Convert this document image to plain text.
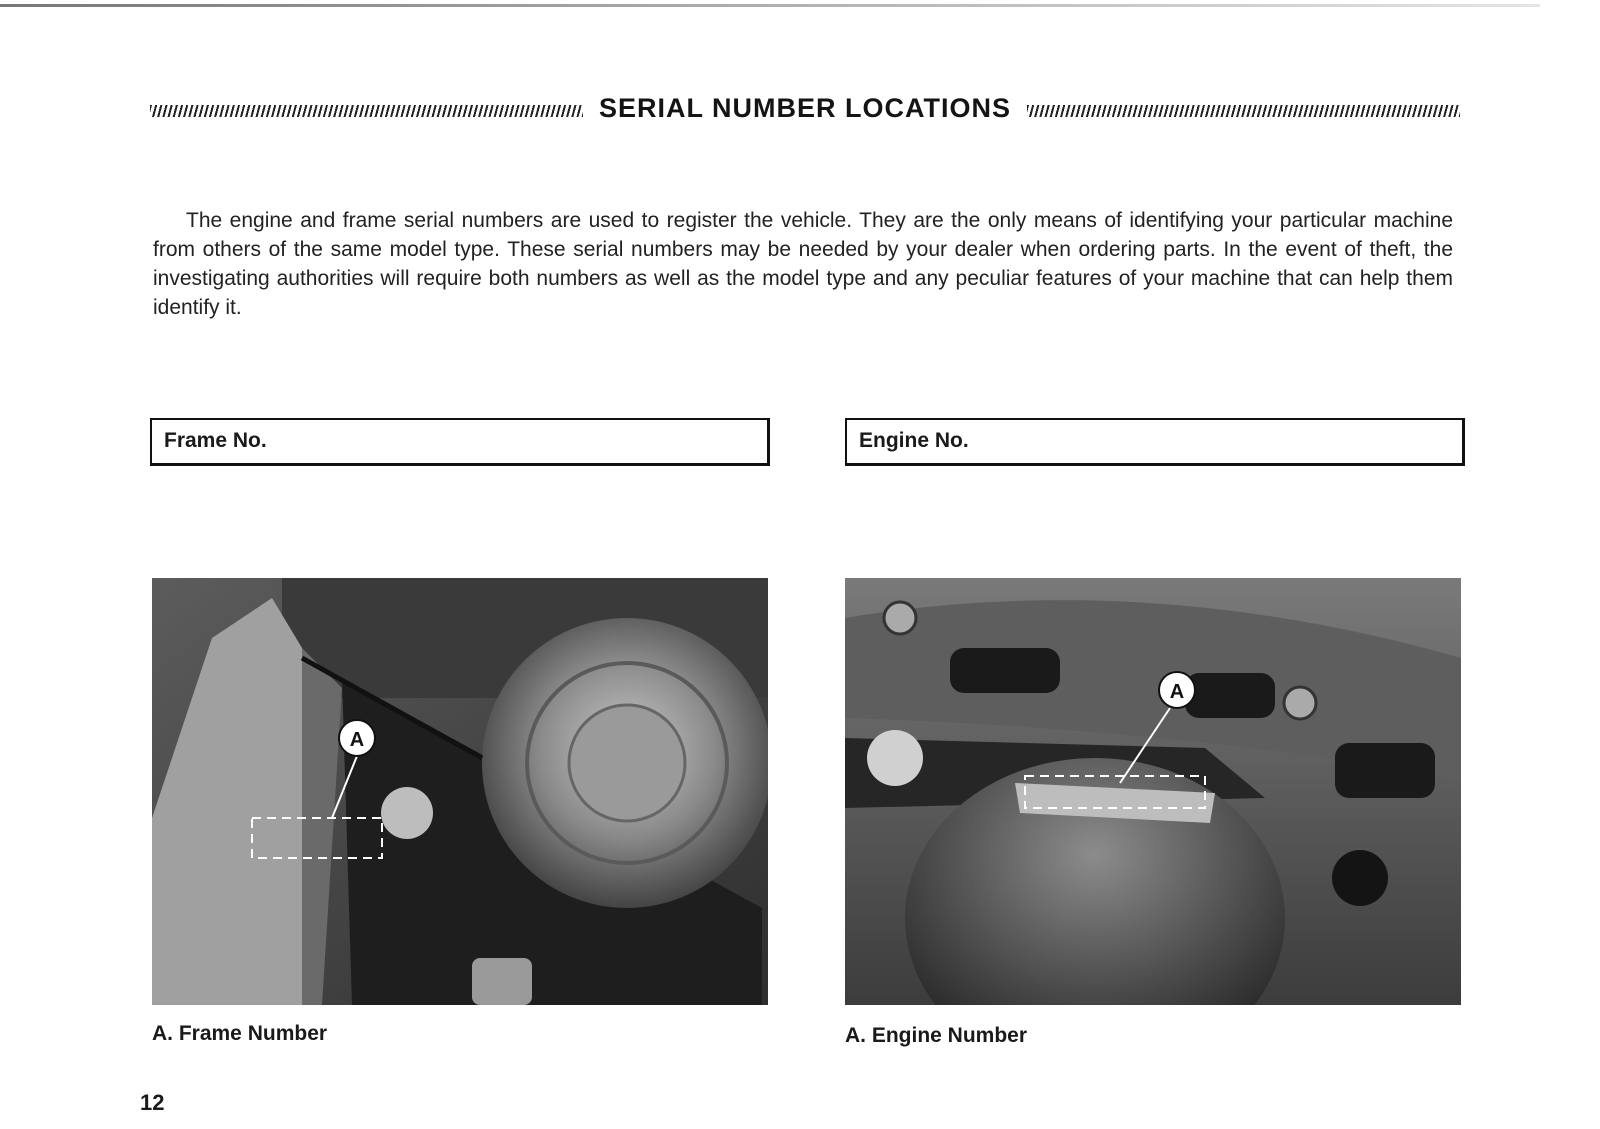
SERIAL NUMBER LOCATIONS

The engine and frame serial numbers are used to register the vehicle. They are the only means of identifying your particular machine from others of the same model type. These serial numbers may be needed by your dealer when ordering parts. In the event of theft, the investigating authorities will require both numbers as well as the model type and any peculiar features of your machine that can help them identify it.

Frame No.	Engine No.
A
A. Frame Number
A
A. Engine Number
12
